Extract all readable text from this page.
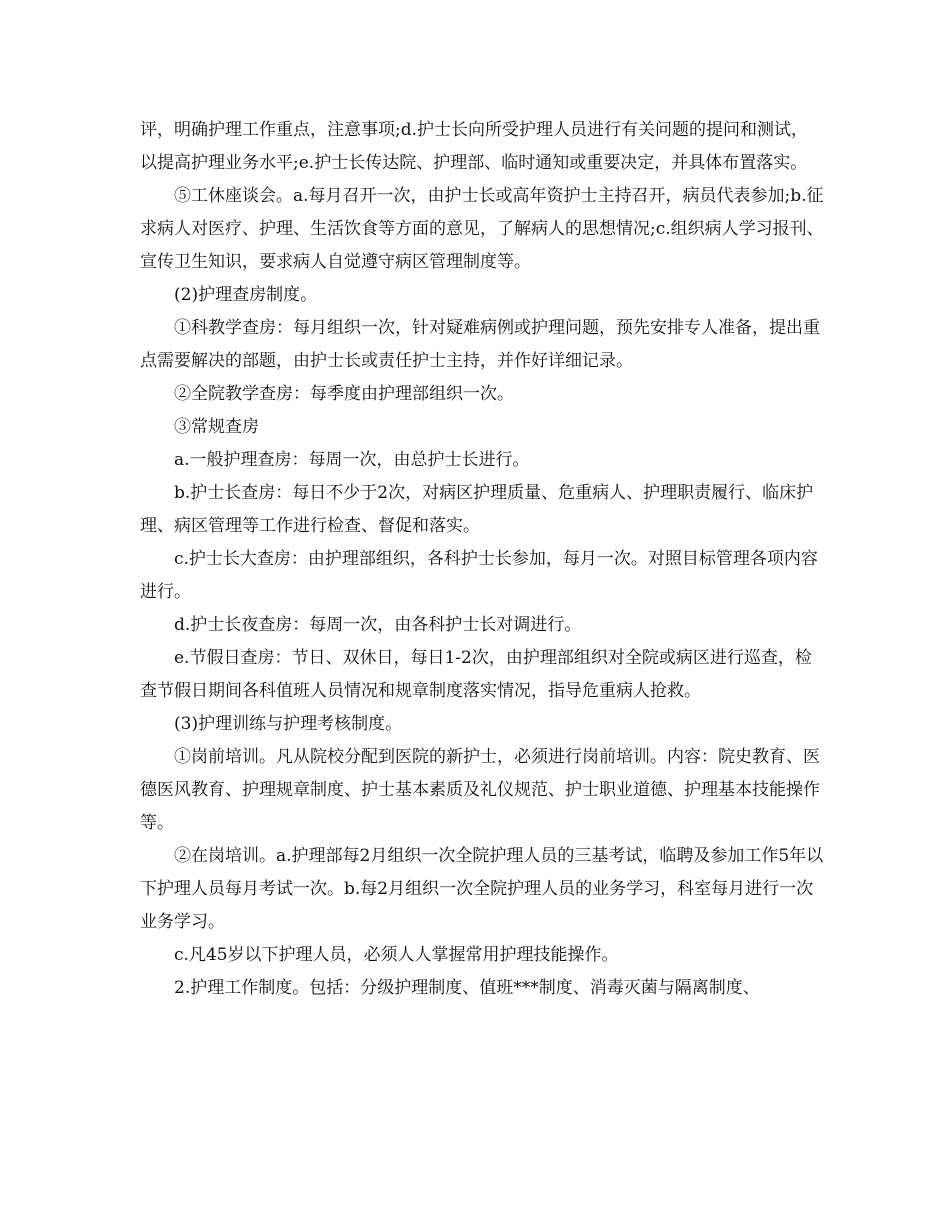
评，明确护理工作重点，注意事项;d.护士长向所受护理人员进行有关问题的提问和测试，以提高护理业务水平;e.护士长传达院、护理部、临时通知或重要决定，并具体布置落实。

⑤工休座谈会。a.每月召开一次，由护士长或高年资护士主持召开，病员代表参加;b.征求病人对医疗、护理、生活饮食等方面的意见，了解病人的思想情况;c.组织病人学习报刊、宣传卫生知识，要求病人自觉遵守病区管理制度等。

(2)护理查房制度。

①科教学查房：每月组织一次，针对疑难病例或护理问题，预先安排专人准备，提出重点需要解决的部题，由护士长或责任护士主持，并作好详细记录。

②全院教学查房：每季度由护理部组织一次。

③常规查房

a.一般护理查房：每周一次，由总护士长进行。

b.护士长查房：每日不少于2次，对病区护理质量、危重病人、护理职责履行、临床护理、病区管理等工作进行检查、督促和落实。

c.护士长大查房：由护理部组织，各科护士长参加，每月一次。对照目标管理各项内容进行。

d.护士长夜查房：每周一次，由各科护士长对调进行。

e.节假日查房：节日、双休日，每日1-2次，由护理部组织对全院或病区进行巡查，检查节假日期间各科值班人员情况和规章制度落实情况，指导危重病人抢救。

(3)护理训练与护理考核制度。

①岗前培训。凡从院校分配到医院的新护士，必须进行岗前培训。内容：院史教育、医德医风教育、护理规章制度、护士基本素质及礼仪规范、护士职业道德、护理基本技能操作等。

②在岗培训。a.护理部每2月组织一次全院护理人员的三基考试，临聘及参加工作5年以下护理人员每月考试一次。b.每2月组织一次全院护理人员的业务学习，科室每月进行一次业务学习。

c.凡45岁以下护理人员，必须人人掌握常用护理技能操作。

2.护理工作制度。包括：分级护理制度、值班***制度、消毒灭菌与隔离制度、
